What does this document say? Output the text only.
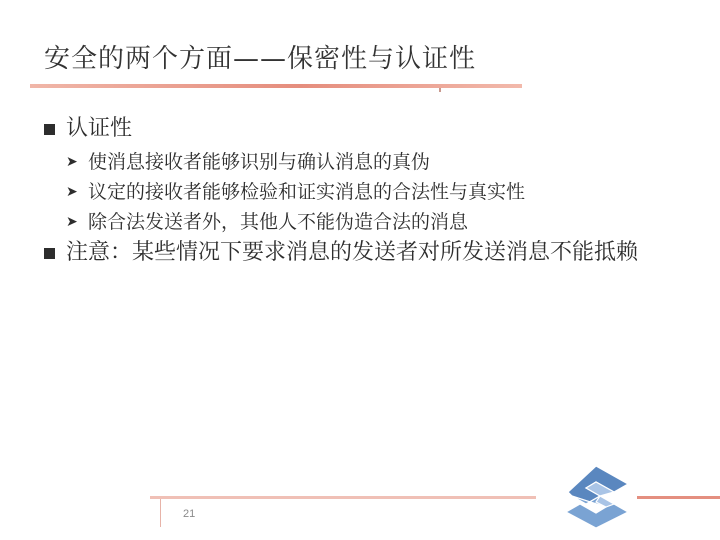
安全的两个方面——保密性与认证性
认证性
➤ 使消息接收者能够识别与确认消息的真伪
➤ 议定的接收者能够检验和证实消息的合法性与真实性
➤ 除合法发送者外，其他人不能伪造合法的消息
注意：某些情况下要求消息的发送者对所发送消息不能抵赖
21
